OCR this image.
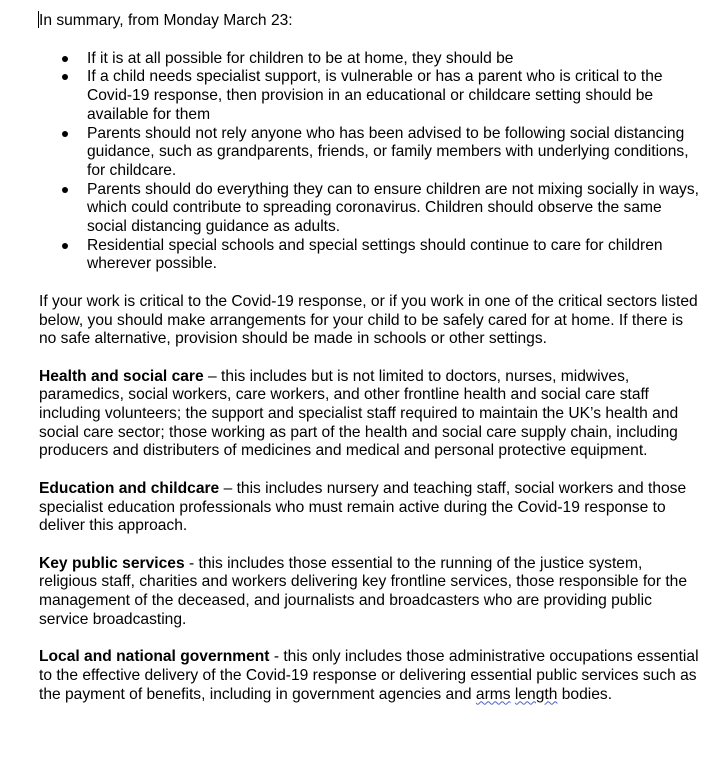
In summary, from Monday March 23:

If it is at all possible for children to be at home, they should be
If a child needs specialist support, is vulnerable or has a parent who is critical to the Covid-19 response, then provision in an educational or childcare setting should be available for them
Parents should not rely anyone who has been advised to be following social distancing guidance, such as grandparents, friends, or family members with underlying conditions, for childcare.
Parents should do everything they can to ensure children are not mixing socially in ways, which could contribute to spreading coronavirus. Children should observe the same social distancing guidance as adults.
Residential special schools and special settings should continue to care for children wherever possible.

If your work is critical to the Covid-19 response, or if you work in one of the critical sectors listed below, you should make arrangements for your child to be safely cared for at home. If there is no safe alternative, provision should be made in schools or other settings.

Health and social care – this includes but is not limited to doctors, nurses, midwives, paramedics, social workers, care workers, and other frontline health and social care staff including volunteers; the support and specialist staff required to maintain the UK’s health and social care sector; those working as part of the health and social care supply chain, including producers and distributers of medicines and medical and personal protective equipment.

Education and childcare – this includes nursery and teaching staff, social workers and those specialist education professionals who must remain active during the Covid-19 response to deliver this approach.

Key public services - this includes those essential to the running of the justice system, religious staff, charities and workers delivering key frontline services, those responsible for the management of the deceased, and journalists and broadcasters who are providing public service broadcasting.

Local and national government - this only includes those administrative occupations essential to the effective delivery of the Covid-19 response or delivering essential public services such as the payment of benefits, including in government agencies and arms length bodies.
